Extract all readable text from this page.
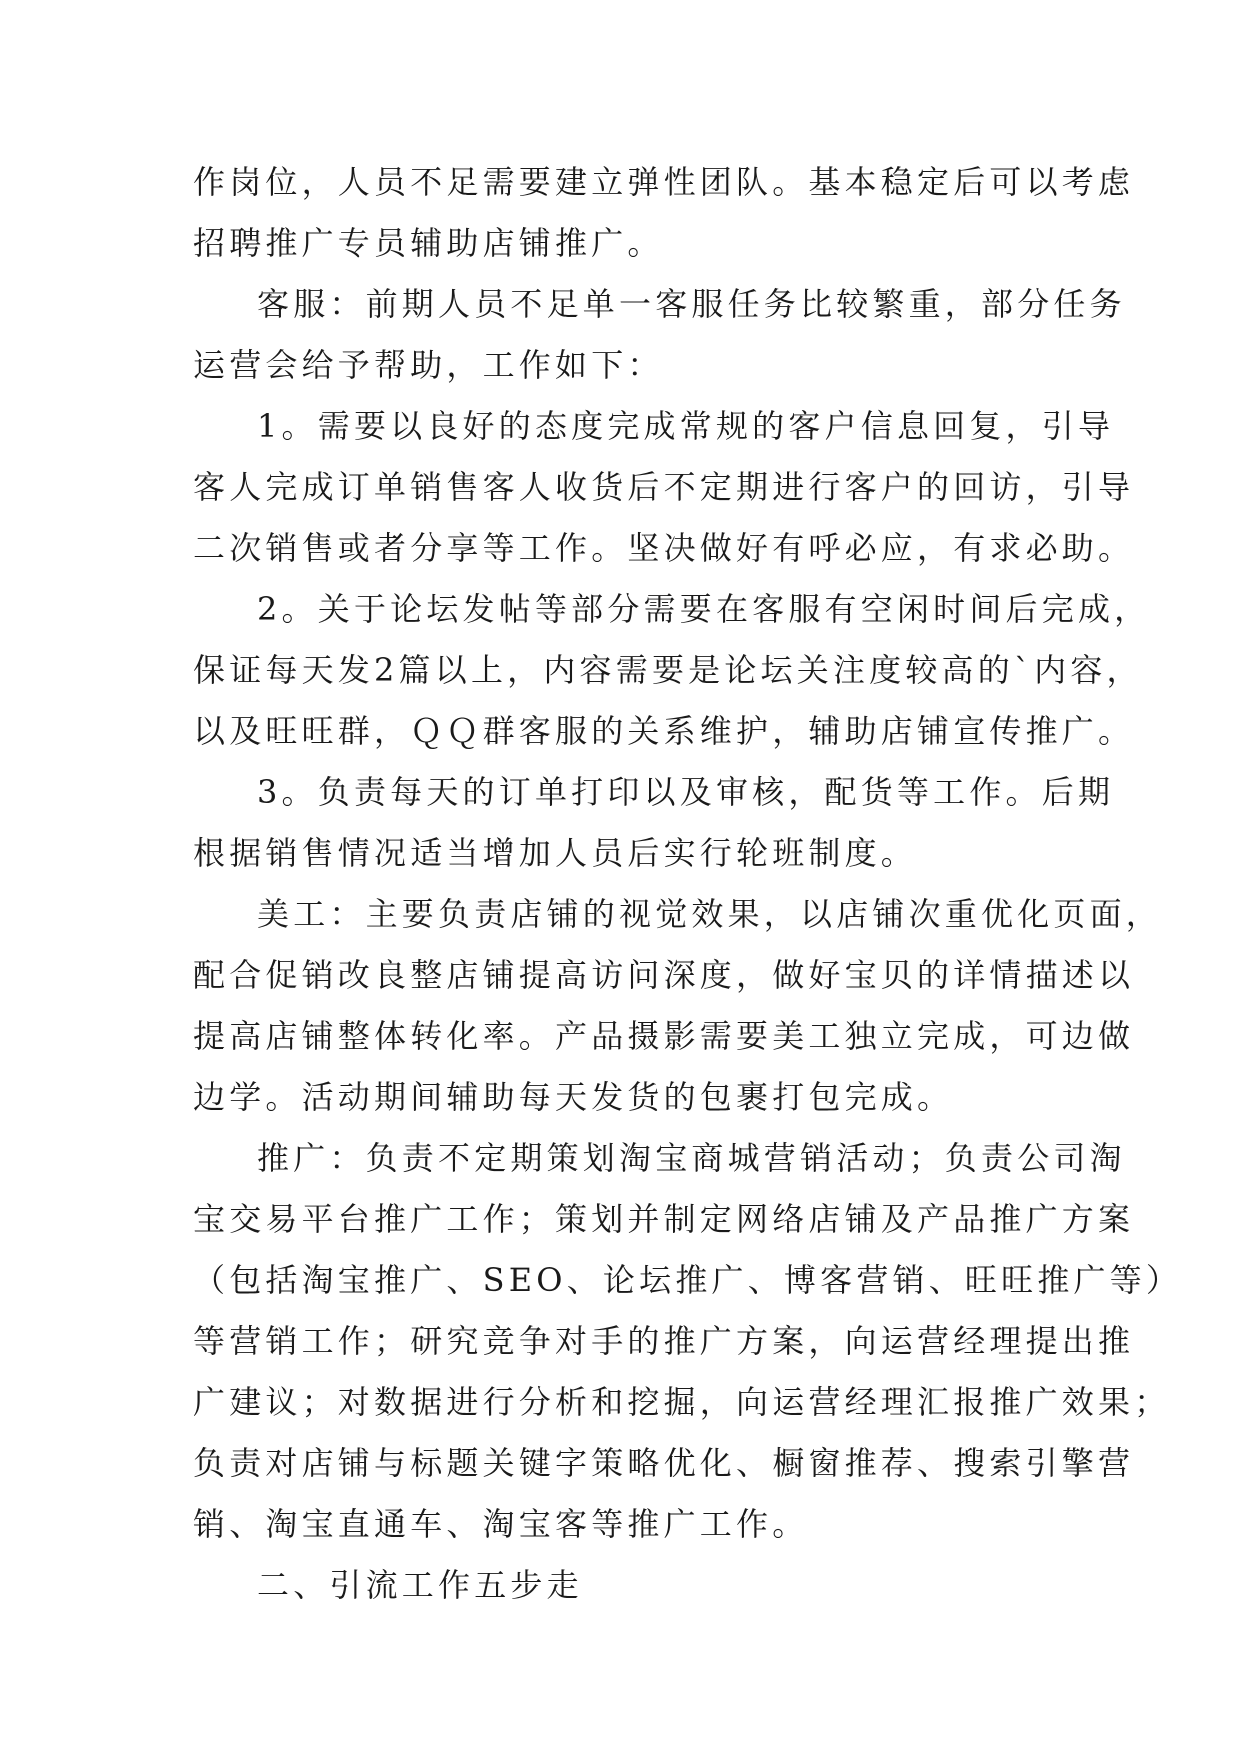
作岗位，人员不足需要建立弹性团队。基本稳定后可以考虑
招聘推广专员辅助店铺推广。
客服：前期人员不足单一客服任务比较繁重，部分任务
运营会给予帮助，工作如下：
1。需要以良好的态度完成常规的客户信息回复，引导
客人完成订单销售客人收货后不定期进行客户的回访，引导
二次销售或者分享等工作。坚决做好有呼必应，有求必助。
2。关于论坛发帖等部分需要在客服有空闲时间后完成，
保证每天发2篇以上，内容需要是论坛关注度较高的`内容，
以及旺旺群，ＱＱ群客服的关系维护，辅助店铺宣传推广。
3。负责每天的订单打印以及审核，配货等工作。后期
根据销售情况适当增加人员后实行轮班制度。
美工：主要负责店铺的视觉效果，以店铺次重优化页面，
配合促销改良整店铺提高访问深度，做好宝贝的详情描述以
提高店铺整体转化率。产品摄影需要美工独立完成，可边做
边学。活动期间辅助每天发货的包裹打包完成。
推广：负责不定期策划淘宝商城营销活动；负责公司淘
宝交易平台推广工作；策划并制定网络店铺及产品推广方案
（包括淘宝推广、SEO、论坛推广、博客营销、旺旺推广等）
等营销工作；研究竞争对手的推广方案，向运营经理提出推
广建议；对数据进行分析和挖掘，向运营经理汇报推广效果；
负责对店铺与标题关键字策略优化、橱窗推荐、搜索引擎营
销、淘宝直通车、淘宝客等推广工作。
二、引流工作五步走
